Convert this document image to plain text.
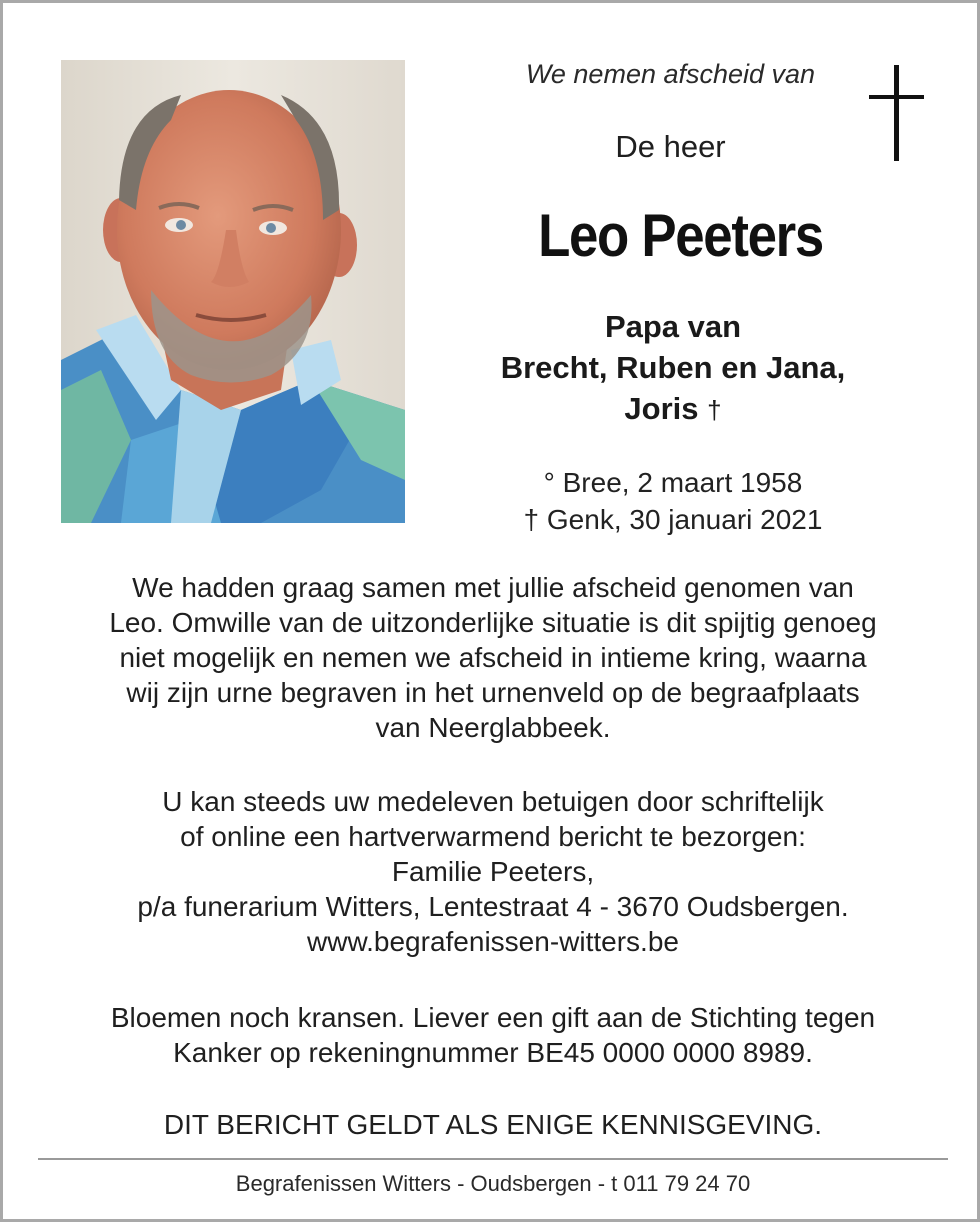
We nemen afscheid van
De heer
Leo Peeters
Papa van
Brecht, Ruben en Jana,
Joris †
° Bree, 2 maart 1958
† Genk, 30 januari 2021
We hadden graag samen met jullie afscheid genomen van
Leo. Omwille van de uitzonderlijke situatie is dit spijtig genoeg
niet mogelijk en nemen we afscheid in intieme kring, waarna
wij zijn urne begraven in het urnenveld op de begraafplaats
van Neerglabbeek.
U kan steeds uw medeleven betuigen door schriftelijk
of online een hartverwarmend bericht te bezorgen:
Familie Peeters,
p/a funerarium Witters, Lentestraat 4 - 3670 Oudsbergen.
www.begrafenissen-witters.be
Bloemen noch kransen. Liever een gift aan de Stichting tegen
Kanker op rekeningnummer BE45 0000 0000 8989.
DIT BERICHT GELDT ALS ENIGE KENNISGEVING.
Begrafenissen Witters - Oudsbergen - t 011 79 24 70
